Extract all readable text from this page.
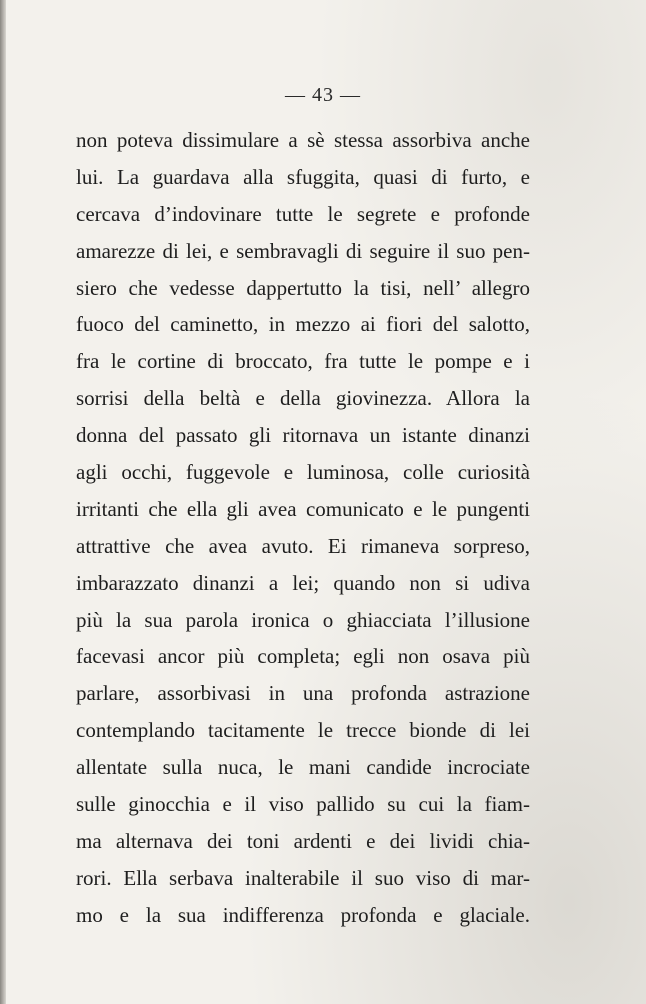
— 43 —
non poteva dissimulare a sè stessa assorbiva anche
lui. La guardava alla sfuggita, quasi di furto, e
cercava d’indovinare tutte le segrete e profonde
amarezze di lei, e sembravagli di seguire il suo pen-
siero che vedesse dappertutto la tisi, nell’ allegro
fuoco del caminetto, in mezzo ai fiori del salotto,
fra le cortine di broccato, fra tutte le pompe e i
sorrisi della beltà e della giovinezza. Allora la
donna del passato gli ritornava un istante dinanzi
agli occhi, fuggevole e luminosa, colle curiosità
irritanti che ella gli avea comunicato e le pungenti
attrattive che avea avuto. Ei rimaneva sorpreso,
imbarazzato dinanzi a lei; quando non si udiva
più la sua parola ironica o ghiacciata l’illusione
facevasi ancor più completa; egli non osava più
parlare, assorbivasi in una profonda astrazione
contemplando tacitamente le trecce bionde di lei
allentate sulla nuca, le mani candide incrociate
sulle ginocchia e il viso pallido su cui la fiam-
ma alternava dei toni ardenti e dei lividi chia-
rori. Ella serbava inalterabile il suo viso di mar-
mo e la sua indifferenza profonda e glaciale.
